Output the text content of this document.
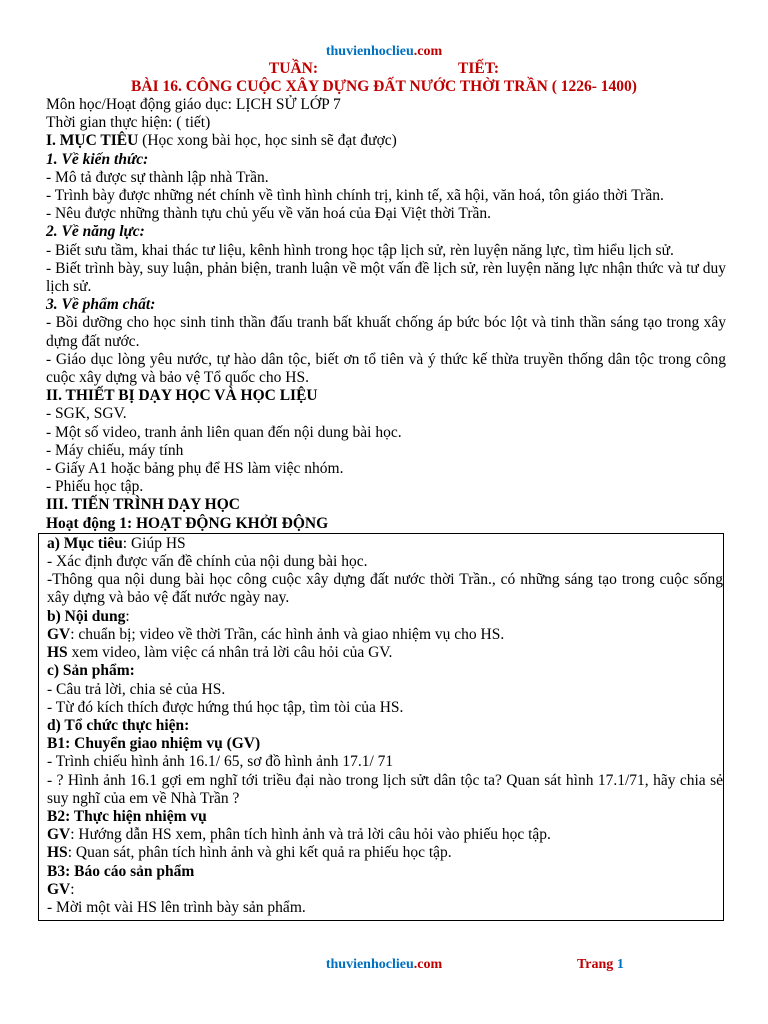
thuvienhoclieu.com
TUẦN:	TIẾT:
BÀI 16. CÔNG CUỘC XÂY DỰNG ĐẤT NƯỚC THỜI TRẦN ( 1226- 1400)

Môn học/Hoạt động giáo dục: LỊCH SỬ LỚP 7

Thời gian thực hiện: ( tiết)

I. MỤC TIÊU (Học xong bài học, học sinh sẽ đạt được)

1. Về kiến thức:

- Mô tả được sự thành lập nhà Trần.

- Trình bày được những nét chính về tình hình chính trị, kinh tế, xã hội, văn hoá, tôn giáo thời Trần.

- Nêu được những thành tựu chủ yếu về văn hoá của Đại Việt thời Trần.

2. Về năng lực:

- Biết sưu tầm, khai thác tư liệu, kênh hình trong học tập lịch sử, rèn luyện năng lực, tìm hiểu lịch sử.

- Biết trình bày, suy luận, phản biện, tranh luận về một vấn đề lịch sử, rèn luyện năng lực nhận thức và tư duy lịch sử.

3. Về phẩm chất:

- Bồi dưỡng cho học sinh tinh thần đấu tranh bất khuất chống áp bức bóc lột và tinh thần sáng tạo trong xây dựng đất nước.

- Giáo dục lòng yêu nước, tự hào dân tộc, biết ơn tổ tiên và ý thức kế thừa truyền thống dân tộc trong công cuộc xây dựng và bảo vệ Tổ quốc cho HS.

II. THIẾT BỊ DẠY HỌC VÀ HỌC LIỆU

- SGK, SGV.

- Một số video, tranh ảnh liên quan đến nội dung bài học.

- Máy chiếu, máy tính

- Giấy A1 hoặc bảng phụ để HS làm việc nhóm.

- Phiếu học tập.

III. TIẾN TRÌNH DẠY HỌC

Hoạt động 1: HOẠT ĐỘNG KHỞI ĐỘNG

a) Mục tiêu: Giúp HS

- Xác định được vấn đề chính của nội dung bài học.

-Thông qua nội dung bài học công cuộc xây dựng đất nước thời Trần., có những sáng tạo trong cuộc sống xây dựng và bảo vệ đất nước ngày nay.

b) Nội dung:

GV: chuẩn bị; video về thời Trần, các hình ảnh và giao nhiệm vụ cho HS.

HS xem video, làm việc cá nhân trả lời câu hỏi của GV.

c) Sản phẩm:

- Câu trả lời, chia sẻ của HS.

- Từ đó kích thích được hứng thú học tập, tìm tòi của HS.

d) Tổ chức thực hiện:

B1: Chuyển giao nhiệm vụ (GV)

- Trình chiếu hình ảnh 16.1/ 65, sơ đồ hình ảnh 17.1/ 71

- ? Hình ảnh 16.1 gợi em nghĩ tới triều đại nào trong lịch sửt dân tộc ta? Quan sát hình 17.1/71, hãy chia sẻ suy nghĩ của em về Nhà Trần ?

B2: Thực hiện nhiệm vụ

GV: Hướng dẫn HS xem, phân tích hình ảnh và trả lời câu hỏi vào phiếu học tập.

HS: Quan sát, phân tích hình ảnh và ghi kết quả ra phiếu học tập.

B3: Báo cáo sản phẩm

GV:

- Mời một vài HS lên trình bày sản phẩm.

thuvienhoclieu.com	Trang 1
